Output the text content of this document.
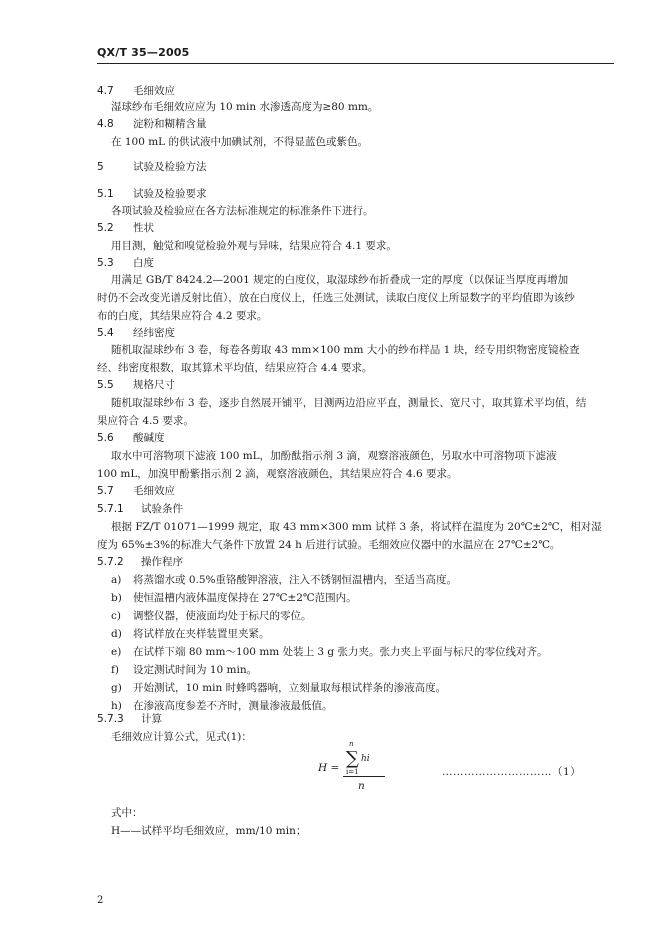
QX/T 35—2005
4.7 毛细效应
4.8 淀粉和糊精含量
5	试验及检验方法
5.1 试验及检验要求
5.2 性状
5.3 白度
5.4 经纬密度
5.5 规格尺寸
5.6 酸碱度
5.7 毛细效应
5.7.1 试验条件
5.7.2 操作程序
5.7.3 计算
湿球纱布毛细效应应为 10 min 水渗透高度为≥80 mm。
在 100 mL 的供试液中加碘试剂，不得显蓝色或紫色。
各项试验及检验应在各方法标准规定的标准条件下进行。
用目测，触觉和嗅觉检验外观与异味，结果应符合 4.1 要求。
用满足 GB/T 8424.2—2001 规定的白度仪，取湿球纱布折叠成一定的厚度（以保证当厚度再增加
时仍不会改变光谱反射比值），放在白度仪上，任选三处测试，读取白度仪上所显数字的平均值即为该纱
布的白度，其结果应符合 4.2 要求。
随机取湿球纱布 3 卷，每卷各剪取 43 mm×100 mm 大小的纱布样品 1 块，经专用织物密度镜检查
经、纬密度根数，取其算术平均值，结果应符合 4.4 要求。
随机取湿球纱布 3 卷，逐步自然展开铺平，目测两边沿应平直，测量长、宽尺寸，取其算术平均值，结
果应符合 4.5 要求。
取水中可溶物项下滤液 100 mL，加酚酞指示剂 3 滴，观察溶液颜色，另取水中可溶物项下滤液
100 mL，加溴甲酚紫指示剂 2 滴，观察溶液颜色，其结果应符合 4.6 要求。
根据 FZ/T 01071—1999 规定，取 43 mm×300 mm 试样 3 条，将试样在温度为 20℃±2℃，相对湿
度为 65%±3%的标准大气条件下放置 24 h 后进行试验。毛细效应仪器中的水温应在 27℃±2℃。
a) 将蒸馏水或 0.5%重铬酸钾溶液，注入不锈钢恒温槽内，至适当高度。
b) 使恒温槽内液体温度保持在 27℃±2℃范围内。
c) 调整仪器，使液面均处于标尺的零位。
d) 将试样放在夹样装置里夹紧。
e) 在试样下端 80 mm～100 mm 处装上 3 g 张力夹。张力夹上平面与标尺的零位线对齐。
f) 设定测试时间为 10 min。
g) 开始测试，10 min 时蜂鸣器响，立刻量取每根试样条的渗液高度。
h) 在渗液高度参差不齐时，测量渗液最低值。
毛细效应计算公式，见式(1)：
H =
n
∑
i=1
hi
n
…………………………（1）
式中：
H——试样平均毛细效应，mm/10 min；
2
